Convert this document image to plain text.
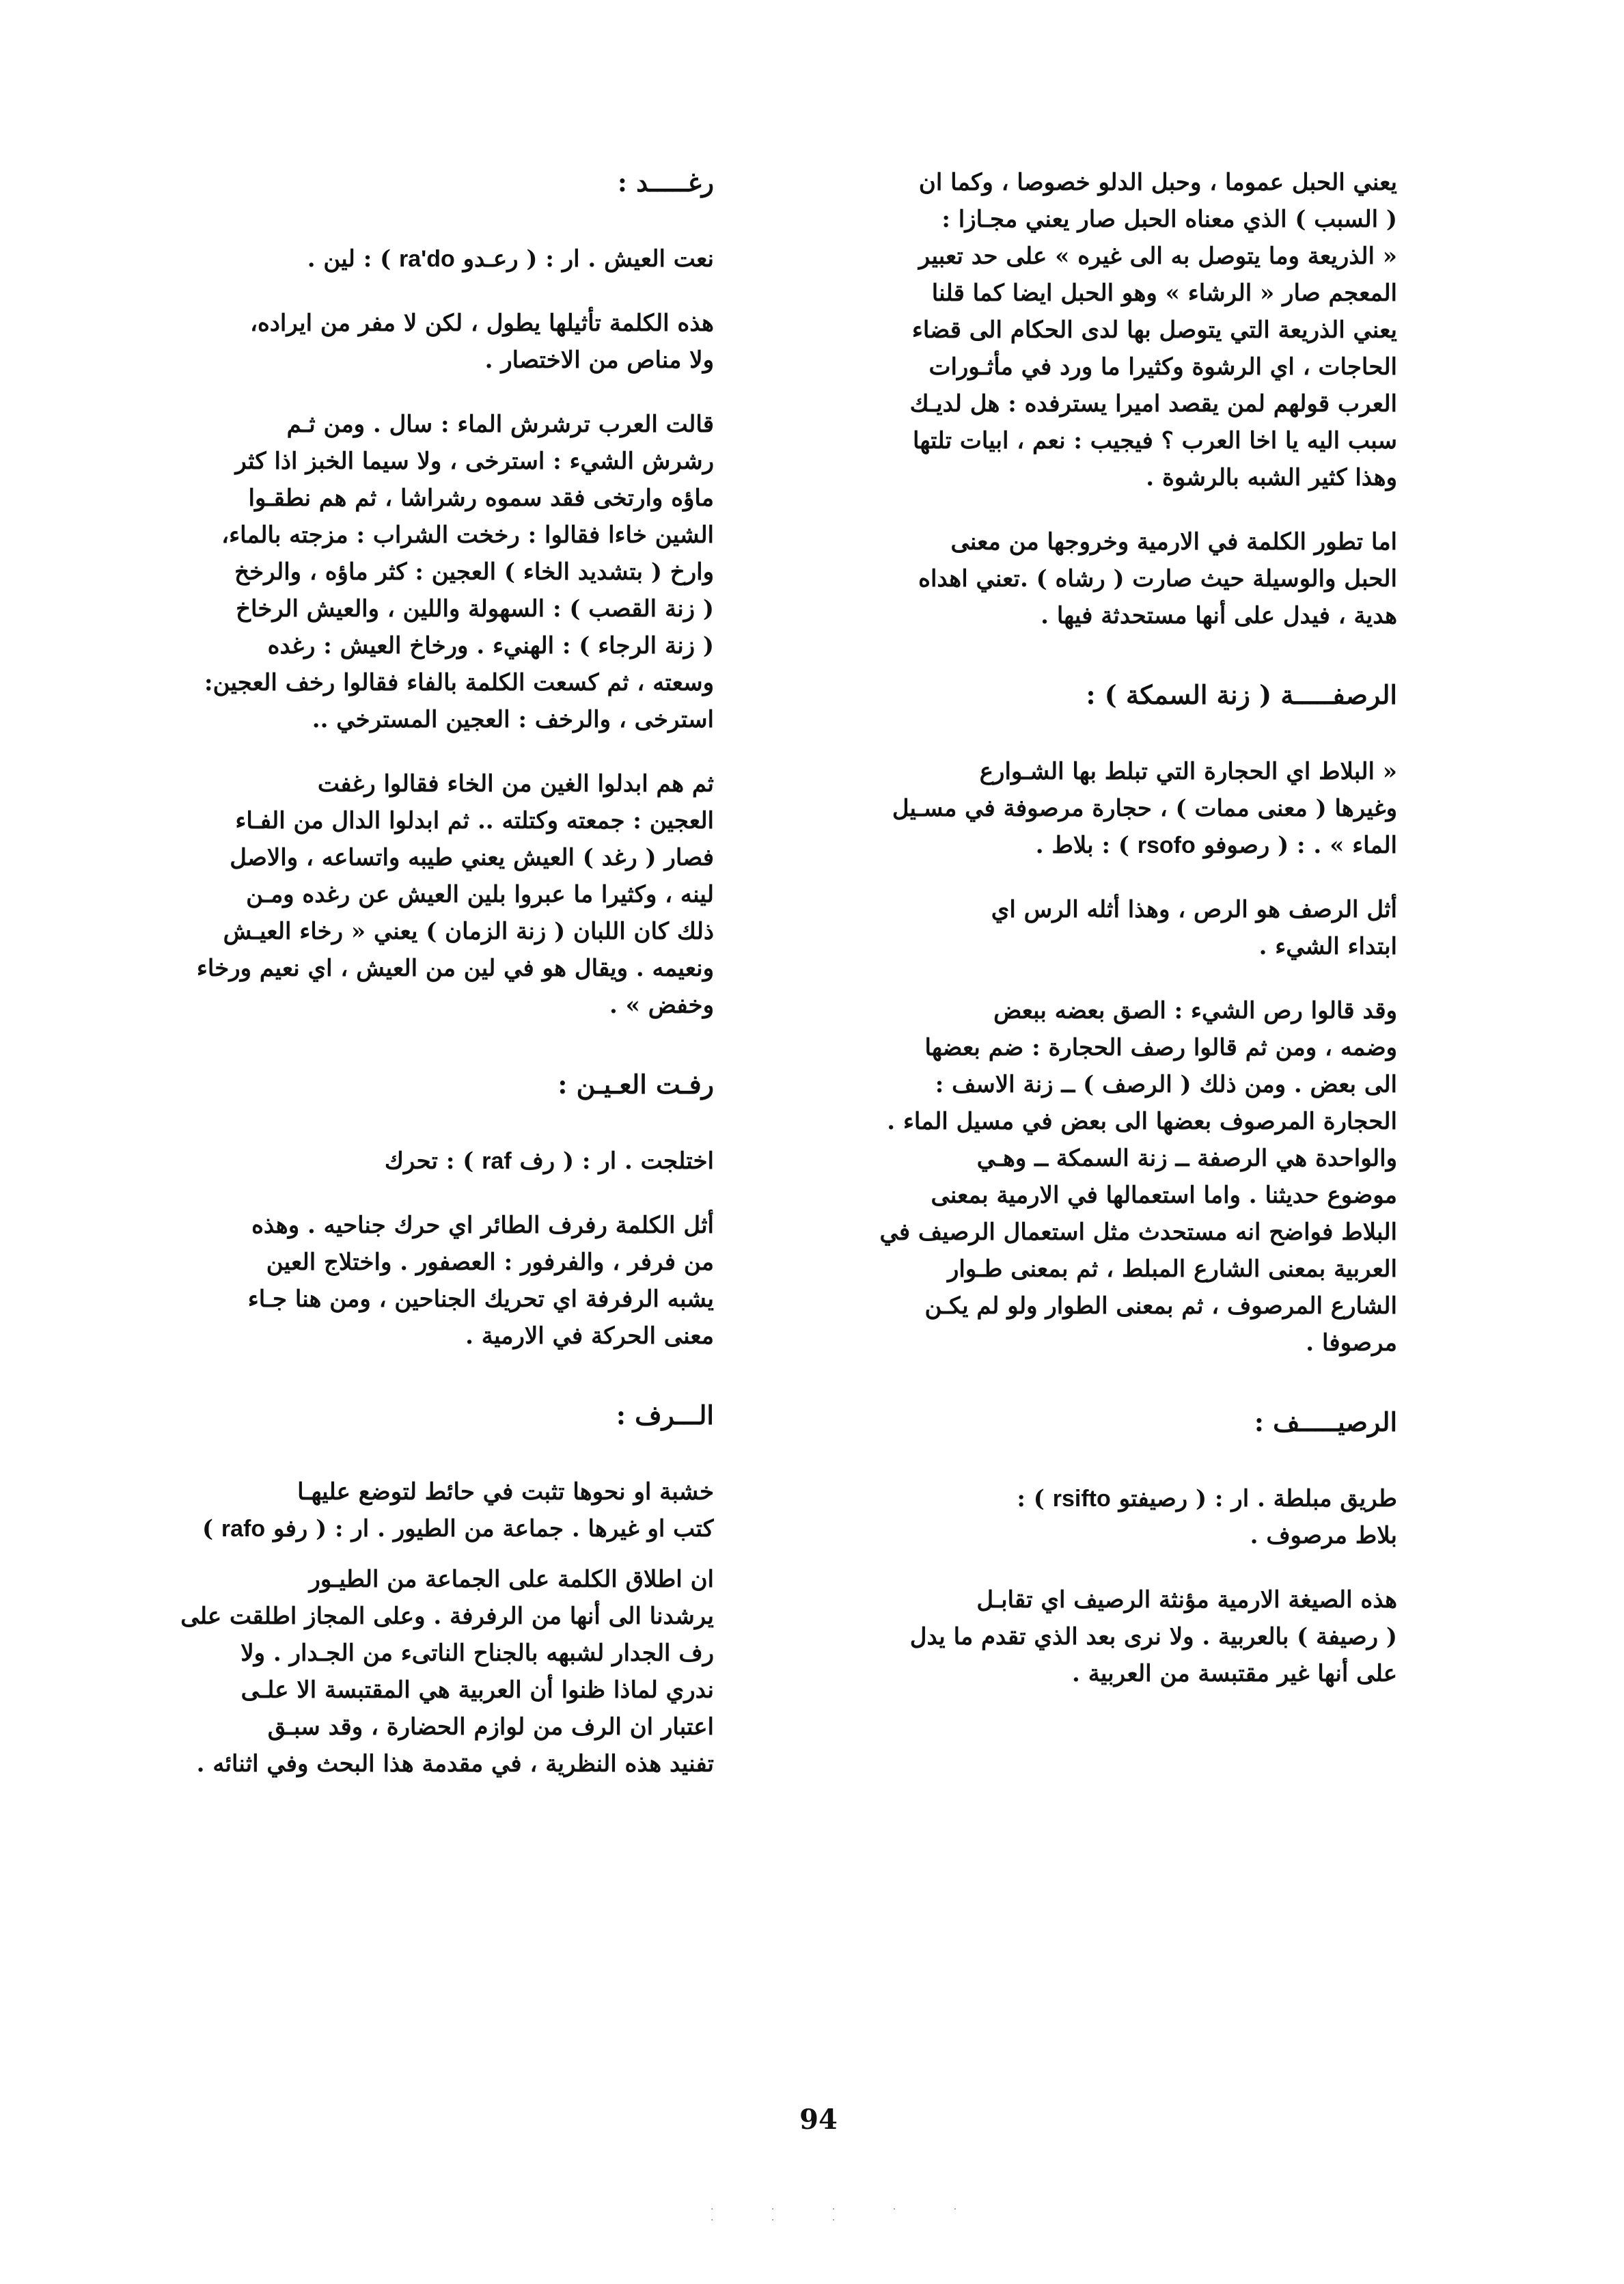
يعني الحبل عموما ، وحبل الدلو خصوصا ، وكما ان
( السبب ) الذي معناه الحبل صار يعني مجـازا :
« الذريعة وما يتوصل به الى غيره » على حد تعبير
المعجم صار « الرشاء » وهو الحبل ايضا كما قلنا
يعني الذريعة التي يتوصل بها لدى الحكام الى قضاء
الحاجات ، اي الرشوة وكثيرا ما ورد في مأثـورات
العرب قولهم لمن يقصد اميرا يسترفده : هل لديـك
سبب اليه يا اخا العرب ؟ فيجيب : نعم ، ابيات تلتها
وهذا كثير الشبه بالرشوة .
اما تطور الكلمة في الارمية وخروجها من معنى
الحبل والوسيلة حيث صارت ( رشاه ) .تعني اهداه
هدية ، فيدل على أنها مستحدثة فيها .
الرصفـــــة ( زنة السمكة ) :
« البلاط اي الحجارة التي تبلط بها الشـوارع
وغيرها ( معنى ممات ) ، حجارة مرصوفة في مسـيل
الماء » . : ( رصوفو rsofo ) : بلاط .
أثل الرصف هو الرص ، وهذا أثله الرس اي
ابتداء الشيء .
وقد قالوا رص الشيء : الصق بعضه ببعض
وضمه ، ومن ثم قالوا رصف الحجارة : ضم بعضها
الى بعض . ومن ذلك ( الرصف ) ــ زنة الاسف :
الحجارة المرصوف بعضها الى بعض في مسيل الماء .
والواحدة هي الرصفة ــ زنة السمكة ــ وهـي
موضوع حديثنا . واما استعمالها في الارمية بمعنى
البلاط فواضح انه مستحدث مثل استعمال الرصيف في
العربية بمعنى الشارع المبلط ، ثم بمعنى طـوار
الشارع المرصوف ، ثم بمعنى الطوار ولو لم يكـن
مرصوفا .
الرصيـــــف :
طريق مبلطة . ار : ( رصيفتو rsifto ) :
بلاط مرصوف .
هذه الصيغة الارمية مؤنثة الرصيف اي تقابـل
( رصيفة ) بالعربية . ولا نرى بعد الذي تقدم ما يدل
على أنها غير مقتبسة من العربية .
رغـــــد :
نعت العيش . ار : ( رعـدو ra'do ) : لين .
هذه الكلمة تأثيلها يطول ، لكن لا مفر من ايراده،
ولا مناص من الاختصار .
قالت العرب ترشرش الماء : سال . ومن ثـم
رشرش الشيء : استرخى ، ولا سيما الخبز اذا كثر
ماؤه وارتخى فقد سموه رشراشا ، ثم هم نطقـوا
الشين خاءا فقالوا : رخخت الشراب : مزجته بالماء،
وارخ ( بتشديد الخاء ) العجين : كثر ماؤه ، والرخخ
( زنة القصب ) : السهولة واللين ، والعيش الرخاخ
( زنة الرجاء ) : الهنيء . ورخاخ العيش : رغده
وسعته ، ثم كسعت الكلمة بالفاء فقالوا رخف العجين:
استرخى ، والرخف : العجين المسترخي ..
ثم هم ابدلوا الغين من الخاء فقالوا رغفت
العجين : جمعته وكتلته .. ثم ابدلوا الدال من الفـاء
فصار ( رغد ) العيش يعني طيبه واتساعه ، والاصل
لينه ، وكثيرا ما عبروا بلين العيش عن رغده ومـن
ذلك كان اللبان ( زنة الزمان ) يعني « رخاء العيـش
ونعيمه . ويقال هو في لين من العيش ، اي نعيم ورخاء
وخفض » .
رفـت العـيـن :
اختلجت . ار : ( رف raf ) : تحرك
أثل الكلمة رفرف الطائر اي حرك جناحيه . وهذه
من فرفر ، والفرفور : العصفور . واختلاج العين
يشبه الرفرفة اي تحريك الجناحين ، ومن هنا جـاء
معنى الحركة في الارمية .
الـــرف :
خشبة او نحوها تثبت في حائط لتوضع عليهـا
كتب او غيرها . جماعة من الطيور . ار : ( رفو rafo )
ان اطلاق الكلمة على الجماعة من الطيـور
يرشدنا الى أنها من الرفرفة . وعلى المجاز اطلقت على
رف الجدار لشبهه بالجناح الناتىء من الجـدار . ولا
ندري لماذا ظنوا أن العربية هي المقتبسة الا علـى
اعتبار ان الرف من لوازم الحضارة ، وقد سبـق
تفنيد هذه النظرية ، في مقدمة هذا البحث وفي اثنائه .
94
· · · · · · · ·
